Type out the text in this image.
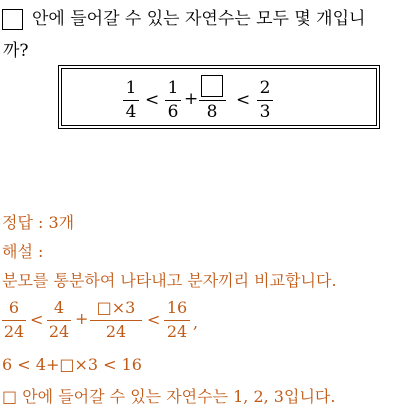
안에 들어갈 수 있는 자연수는 모두 몇 개입니
까?
1
4
<
1
6
+
8
<
2
3
정답 : 3개
해설 :
분모를 통분하여 나타내고 분자끼리 비교합니다.
6
24
<
4
24
+
□×3
24
<
16
24 ,
6 < 4+□×3 < 16
□ 안에 들어갈 수 있는 자연수는 1, 2, 3입니다.
